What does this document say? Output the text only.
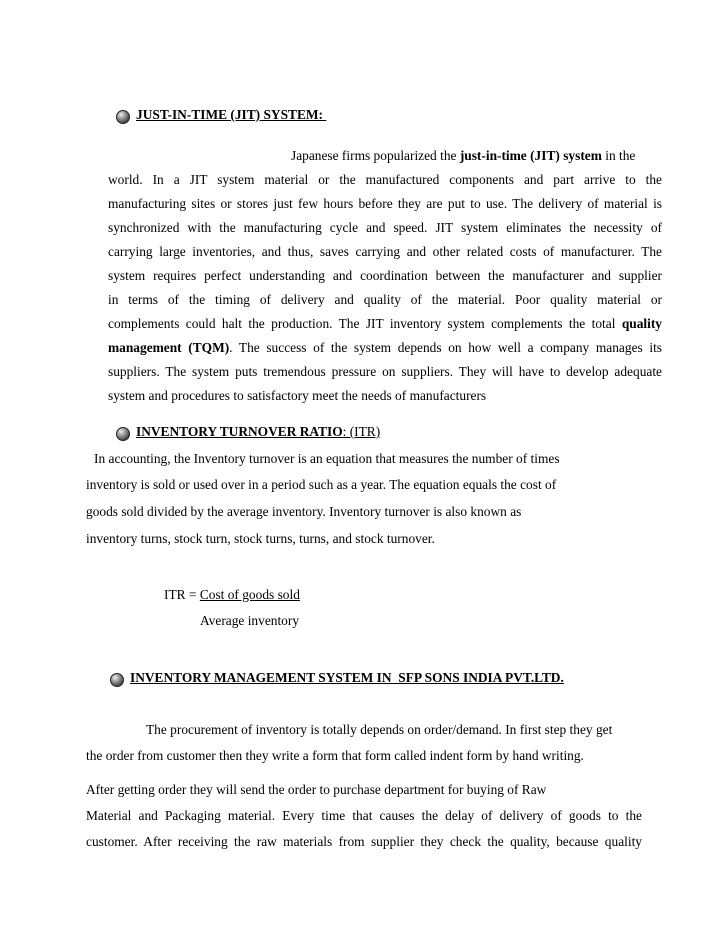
JUST-IN-TIME (JIT) SYSTEM:
Japanese firms popularized the just-in-time (JIT) system in the
world. In a JIT system material or the manufactured components and part arrive to the
manufacturing sites or stores just few hours before they are put to use. The delivery of material is
synchronized with the manufacturing cycle and speed. JIT system eliminates the necessity of
carrying large inventories, and thus, saves carrying and other related costs of manufacturer. The
system requires perfect understanding and coordination between the manufacturer and supplier
in terms of the timing of delivery and quality of the material. Poor quality material or
complements could halt the production. The JIT inventory system complements the total quality
management (TQM). The success of the system depends on how well a company manages its
suppliers. The system puts tremendous pressure on suppliers. They will have to develop adequate
system and procedures to satisfactory meet the needs of manufacturers
INVENTORY TURNOVER RATIO: (ITR)
In accounting, the Inventory turnover is an equation that measures the number of times
inventory is sold or used over in a period such as a year. The equation equals the cost of
goods sold divided by the average inventory. Inventory turnover is also known as
inventory turns, stock turn, stock turns, turns, and stock turnover.
ITR = Cost of goods sold
Average inventory
INVENTORY MANAGEMENT SYSTEM IN  SFP SONS INDIA PVT.LTD.
The procurement of inventory is totally depends on order/demand. In first step they get
the order from customer then they write a form that form called indent form by hand writing.
After getting order they will send the order to purchase department for buying of Raw
Material and Packaging material. Every time that causes the delay of delivery of goods to the
customer. After receiving the raw materials from supplier they check the quality, because quality
